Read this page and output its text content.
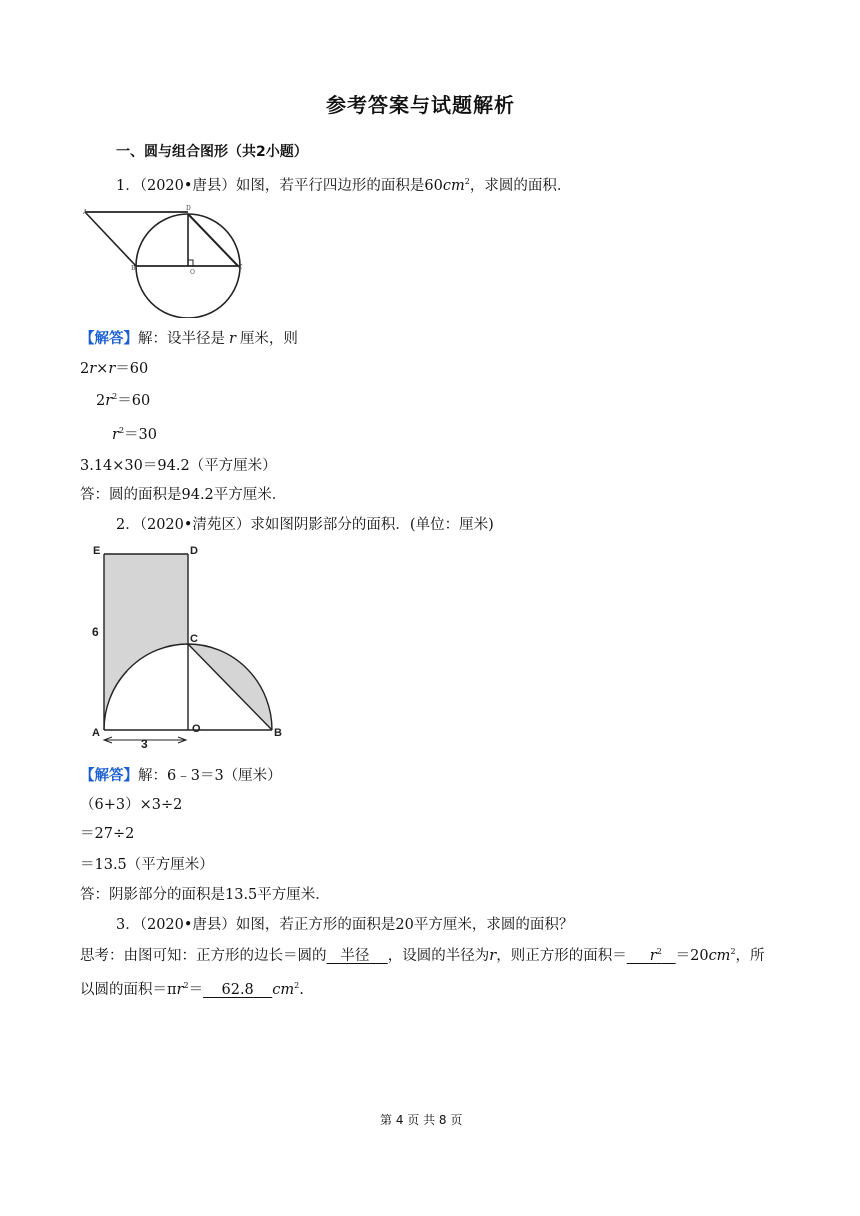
参考答案与试题解析
一、圆与组合图形（共2小题）
1．（2020•唐县）如图，若平行四边形的面积是$60cm^2$，求圆的面积．
A
D
B
O
C
【解答】解：设半径是 r 厘米，则
2r×r＝60
$2r^2=60$
$r^2=30$
3.14×30＝94.2（平方厘米）
答：圆的面积是94.2平方厘米．
2．（2020•清苑区）求如图阴影部分的面积．(单位：厘米)
E	D
C
A	O	B
6
3
【解答】解：6﹣3＝3（厘米）
（6+3）×3÷2
＝27÷2
＝13.5（平方厘米）
答：阴影部分的面积是13.5平方厘米．
3．（2020•唐县）如图，若正方形的面积是20平方厘米，求圆的面积？
思考：由图可知：正方形的边长＝圆的 半径 ，设圆的半径为r，则正方形的面积＝ $r^2 =20cm^2$，所
以圆的面积$=\pi r^2= 62.8$ $cm^2$.
第 4 页 共 8 页
